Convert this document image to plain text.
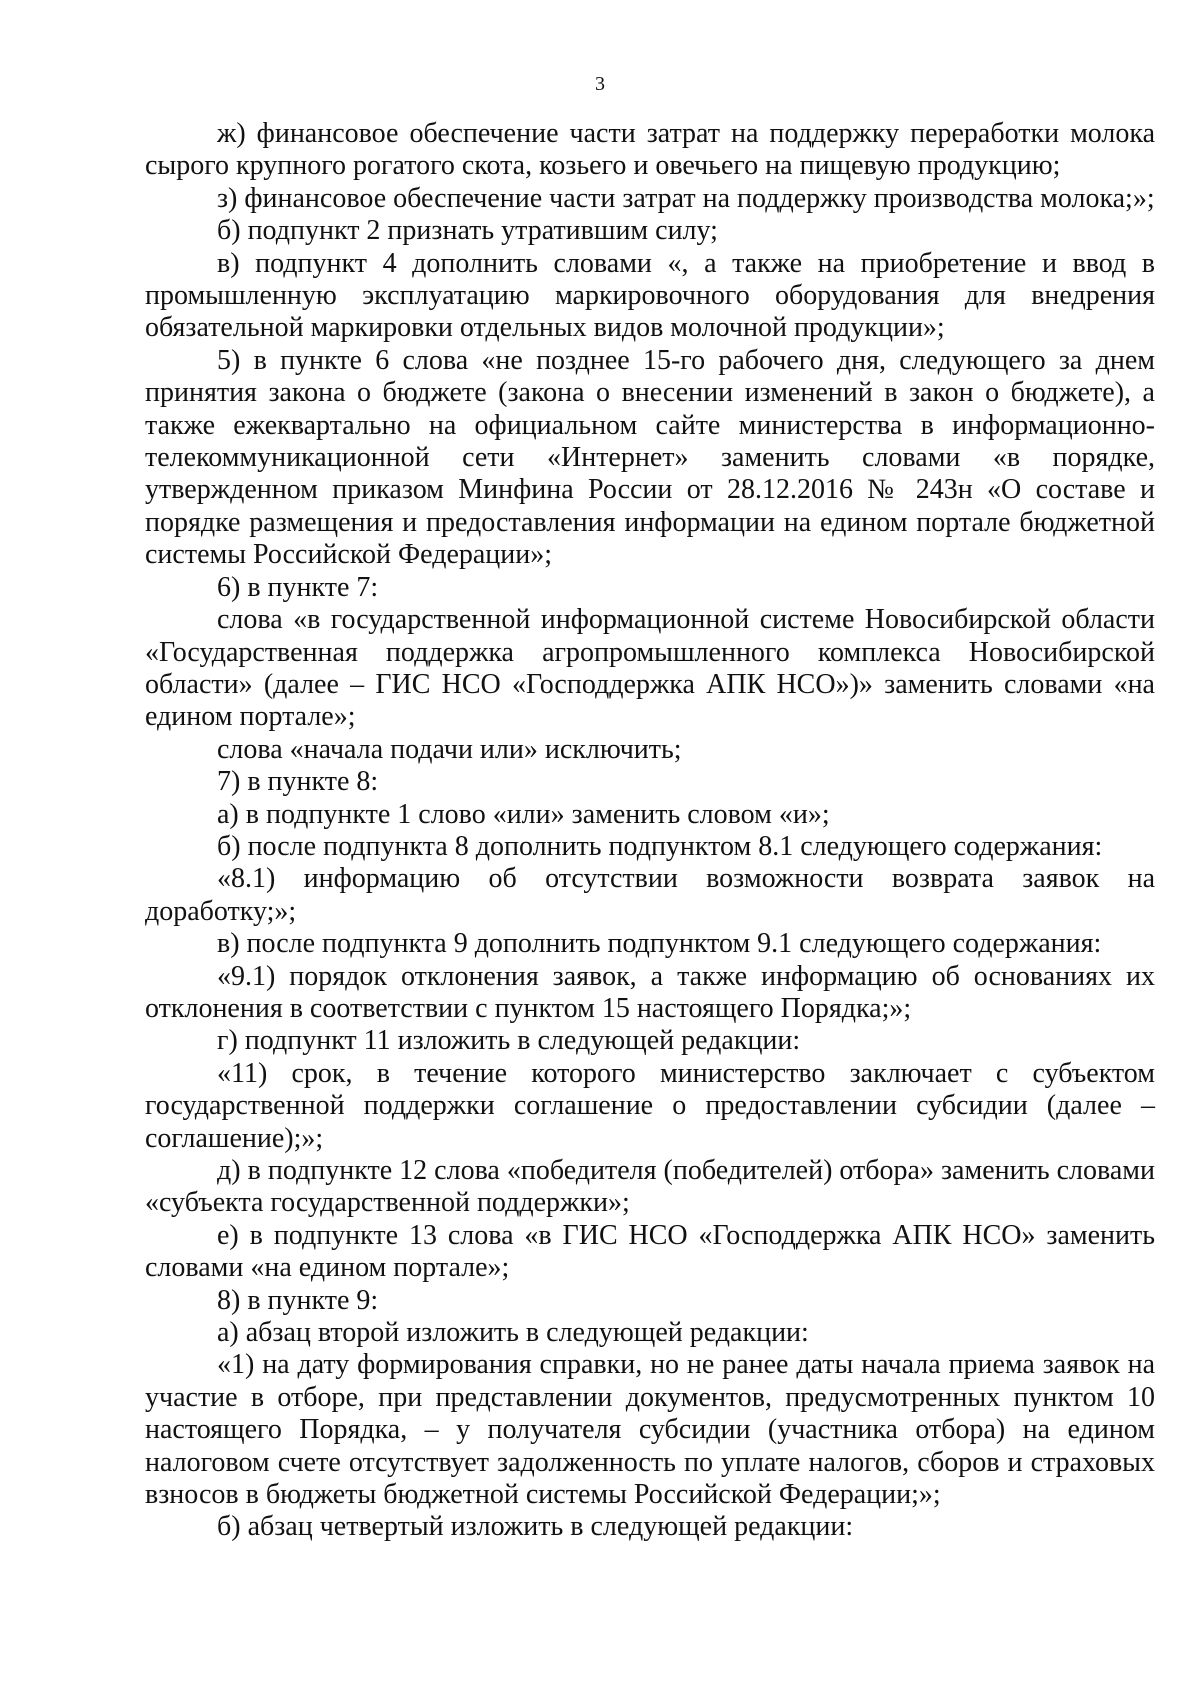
3

ж) финансовое обеспечение части затрат на поддержку переработки молока сырого крупного рогатого скота, козьего и овечьего на пищевую продукцию;

з) финансовое обеспечение части затрат на поддержку производства молока;»;

б) подпункт 2 признать утратившим силу;

в) подпункт 4 дополнить словами «, а также на приобретение и ввод в промышленную эксплуатацию маркировочного оборудования для внедрения обязательной маркировки отдельных видов молочной продукции»;

5) в пункте 6 слова «не позднее 15-го рабочего дня, следующего за днем принятия закона о бюджете (закона о внесении изменений в закон о бюджете), а также ежеквартально на официальном сайте министерства в информационно-телекоммуникационной сети «Интернет» заменить словами «в порядке, утвержденном приказом Минфина России от 28.12.2016 № 243н «О составе и порядке размещения и предоставления информации на едином портале бюджетной системы Российской Федерации»;

6) в пункте 7:

слова «в государственной информационной системе Новосибирской области «Государственная поддержка агропромышленного комплекса Новосибирской области» (далее – ГИС НСО «Господдержка АПК НСО»)» заменить словами «на едином портале»;

слова «начала подачи или» исключить;

7) в пункте 8:

а) в подпункте 1 слово «или» заменить словом «и»;

б) после подпункта 8 дополнить подпунктом 8.1 следующего содержания:

«8.1) информацию об отсутствии возможности возврата заявок на доработку;»;

в) после подпункта 9 дополнить подпунктом 9.1 следующего содержания:

«9.1) порядок отклонения заявок, а также информацию об основаниях их отклонения в соответствии с пунктом 15 настоящего Порядка;»;

г) подпункт 11 изложить в следующей редакции:

«11) срок, в течение которого министерство заключает с субъектом государственной поддержки соглашение о предоставлении субсидии (далее – соглашение);»;

д) в подпункте 12 слова «победителя (победителей) отбора» заменить словами «субъекта государственной поддержки»;

е) в подпункте 13 слова «в ГИС НСО «Господдержка АПК НСО» заменить словами «на едином портале»;

8) в пункте 9:

а) абзац второй изложить в следующей редакции:

«1) на дату формирования справки, но не ранее даты начала приема заявок на участие в отборе, при представлении документов, предусмотренных пунктом 10 настоящего Порядка, – у получателя субсидии (участника отбора) на едином налоговом счете отсутствует задолженность по уплате налогов, сборов и страховых взносов в бюджеты бюджетной системы Российской Федерации;»;

б) абзац четвертый изложить в следующей редакции:
